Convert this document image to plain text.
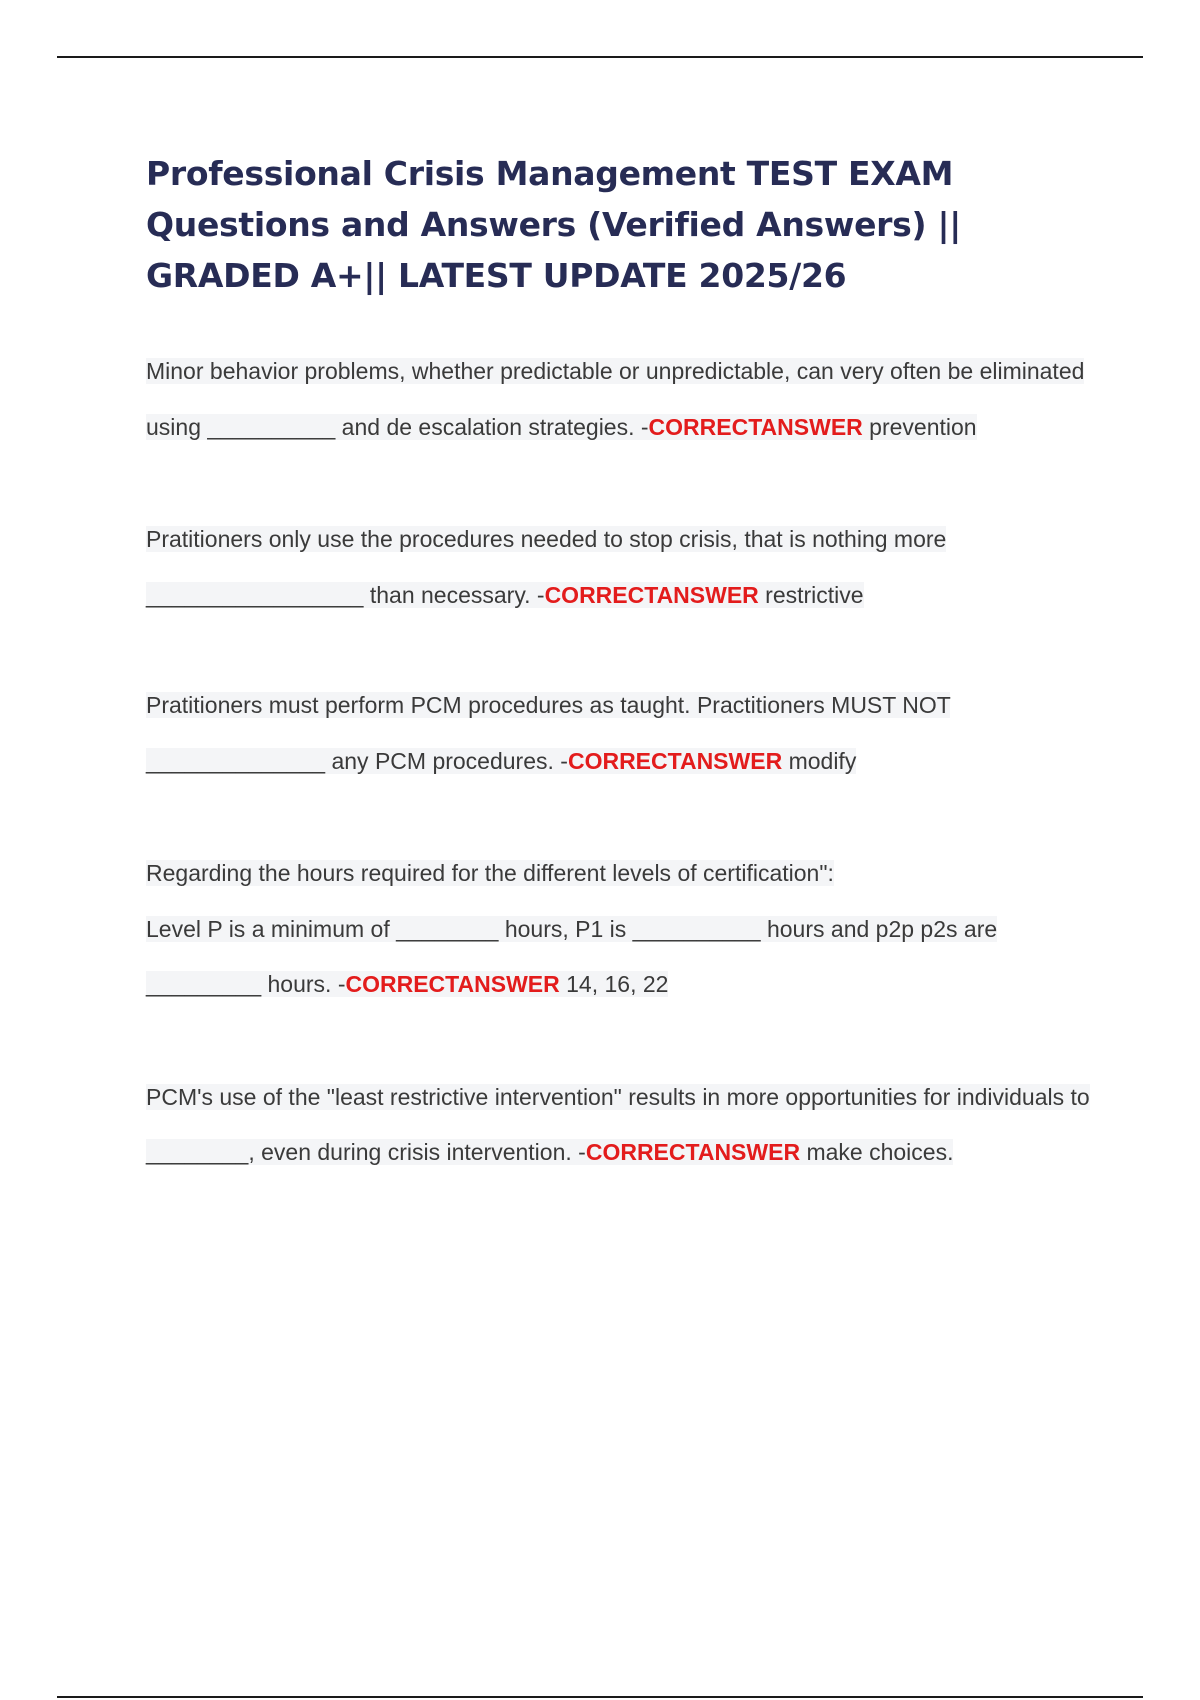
Professional Crisis Management TEST EXAM Questions and Answers (Verified Answers) || GRADED A+|| LATEST UPDATE 2025/26

Minor behavior problems, whether predictable or unpredictable, can very often be eliminated using __________ and de escalation strategies. -CORRECTANSWER prevention

Pratitioners only use the procedures needed to stop crisis, that is nothing more _________________ than necessary. -CORRECTANSWER restrictive

Pratitioners must perform PCM procedures as taught. Practitioners MUST NOT ______________ any PCM procedures. -CORRECTANSWER modify

Regarding the hours required for the different levels of certification":
Level P is a minimum of ________ hours, P1 is __________ hours and p2p p2s are _________ hours. -CORRECTANSWER 14, 16, 22

PCM's use of the "least restrictive intervention" results in more opportunities for individuals to ________, even during crisis intervention. -CORRECTANSWER make choices.
